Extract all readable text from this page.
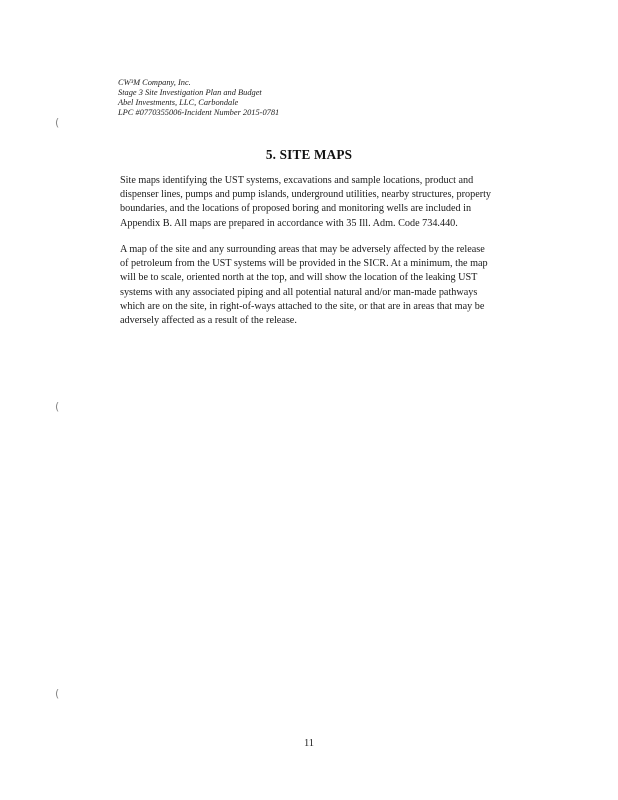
CW³M Company, Inc.
Stage 3 Site Investigation Plan and Budget
Abel Investments, LLC, Carbondale
LPC #0770355006-Incident Number 2015-0781
5. SITE MAPS
Site maps identifying the UST systems, excavations and sample locations, product and
dispenser lines, pumps and pump islands, underground utilities, nearby structures, property
boundaries, and the locations of proposed boring and monitoring wells are included in
Appendix B. All maps are prepared in accordance with 35 Ill. Adm. Code 734.440.
A map of the site and any surrounding areas that may be adversely affected by the release
of petroleum from the UST systems will be provided in the SICR. At a minimum, the map
will be to scale, oriented north at the top, and will show the location of the leaking UST
systems with any associated piping and all potential natural and/or man-made pathways
which are on the site, in right-of-ways attached to the site, or that are in areas that may be
adversely affected as a result of the release.
(
(
(
11
